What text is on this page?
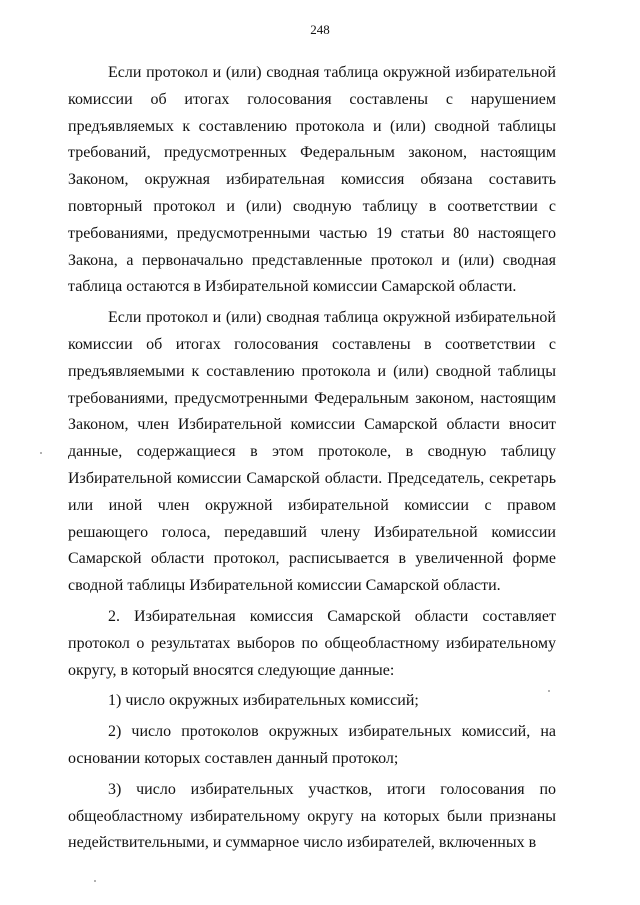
248

Если протокол и (или) сводная таблица окружной избирательной комиссии об итогах голосования составлены с нарушением предъявляемых к составлению протокола и (или) сводной таблицы требований, предусмотренных Федеральным законом, настоящим Законом, окружная избирательная комиссия обязана составить повторный протокол и (или) сводную таблицу в соответствии с требованиями, предусмотренными частью 19 статьи 80 настоящего Закона, а первоначально представленные протокол и (или) сводная таблица остаются в Избирательной комиссии Самарской области.

Если протокол и (или) сводная таблица окружной избирательной комиссии об итогах голосования составлены в соответствии с предъявляемыми к составлению протокола и (или) сводной таблицы требованиями, предусмотренными Федеральным законом, настоящим Законом, член Избирательной комиссии Самарской области вносит данные, содержащиеся в этом протоколе, в сводную таблицу Избирательной комиссии Самарской области. Председатель, секретарь или иной член окружной избирательной комиссии с правом решающего голоса, передавший члену Избирательной комиссии Самарской области протокол, расписывается в увеличенной форме сводной таблицы Избирательной комиссии Самарской области.

2. Избирательная комиссия Самарской области составляет протокол о результатах выборов по общеобластному избирательному округу, в который вносятся следующие данные:

1) число окружных избирательных комиссий;

2) число протоколов окружных избирательных комиссий, на основании которых составлен данный протокол;

3) число избирательных участков, итоги голосования по общеобластному избирательному округу на которых были признаны недействительными, и суммарное число избирателей, включенных в
